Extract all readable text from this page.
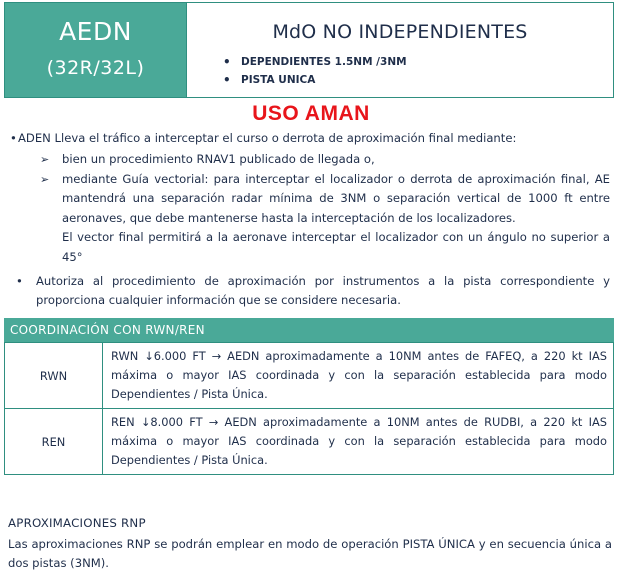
AEDN
(32R/32L)
MdO NO INDEPENDIENTES
• DEPENDIENTES 1.5NM /3NM
• PISTA UNICA
USO AMAN
• ADEN Lleva el tráfico a interceptar el curso o derrota de aproximación final mediante:
➢ bien un procedimiento RNAV1 publicado de llegada o,
➢ mediante Guía vectorial: para interceptar el localizador o derrota de aproximación final, AE mantendrá una separación radar mínima de 3NM o separación vertical de 1000 ft entre aeronaves, que debe mantenerse hasta la interceptación de los localizadores.

El vector final permitirá a la aeronave interceptar el localizador con un ángulo no superior a 45°

• Autoriza al procedimiento de aproximación por instrumentos a la pista correspondiente y proporciona cualquier información que se considere necesaria.
COORDINACIÓN CON RWN/REN
RWN	RWN ↓6.000 FT → AEDN aproximadamente a 10NM antes de FAFEQ, a 220 kt IAS máxima o mayor IAS coordinada y con la separación establecida para modo Dependientes / Pista Única.
REN	REN ↓8.000 FT → AEDN aproximadamente a 10NM antes de RUDBI, a 220 kt IAS máxima o mayor IAS coordinada y con la separación establecida para modo Dependientes / Pista Única.
APROXIMACIONES RNP
Las aproximaciones RNP se podrán emplear en modo de operación PISTA ÚNICA y en secuencia única a dos pistas (3NM).
